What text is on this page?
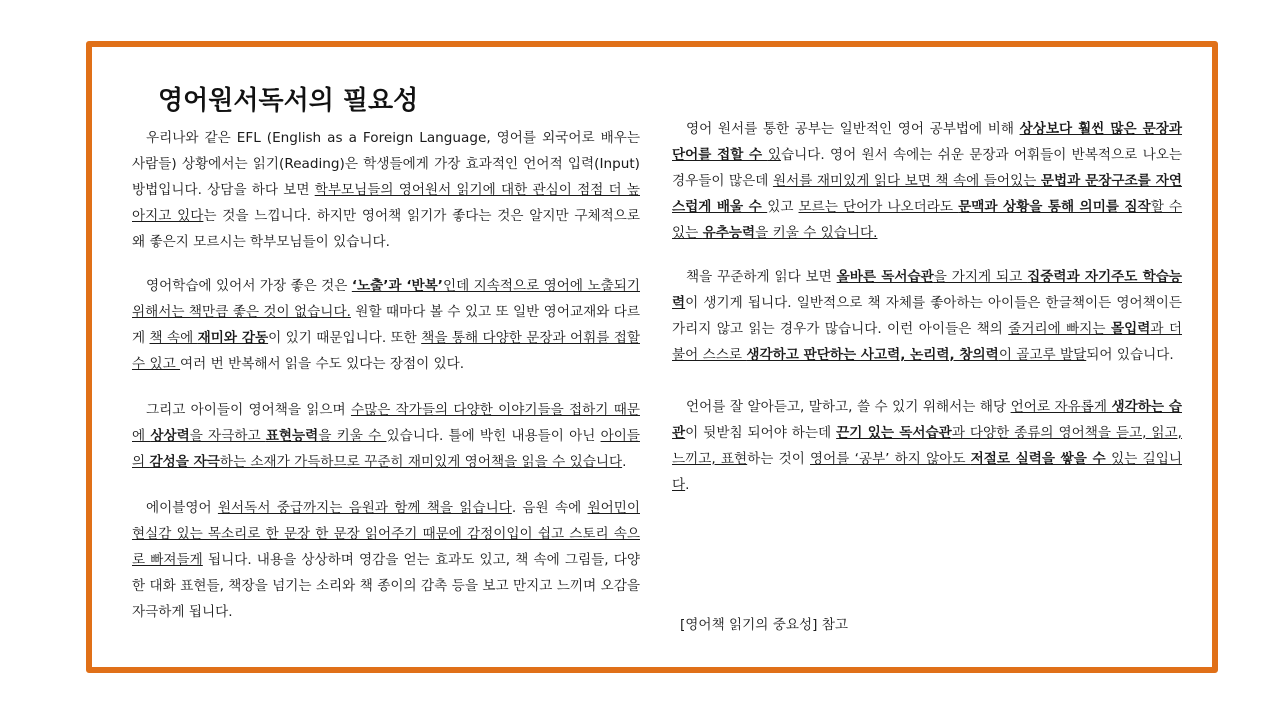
영어원서독서의 필요성

우리나와 같은 EFL (English as a Foreign Language, 영어를 외국어로 배우는 사람들) 상황에서는 읽기(Reading)은 학생들에게 가장 효과적인 언어적 입력(Input) 방법입니다. 상담을 하다 보면 학부모님들의 영어원서 읽기에 대한 관심이 점점 더 높아지고 있다는 것을 느낍니다. 하지만 영어책 읽기가 좋다는 것은 알지만 구체적으로 왜 좋은지 모르시는 학부모님들이 있습니다.

영어학습에 있어서 가장 좋은 것은 ‘노출’과 ‘반복’인데 지속적으로 영어에 노출되기 위해서는 책만큼 좋은 것이 없습니다. 원할 때마다 볼 수 있고 또 일반 영어교재와 다르게 책 속에 재미와 감동이 있기 때문입니다. 또한 책을 통해 다양한 문장과 어휘를 접할 수 있고 여러 번 반복해서 읽을 수도 있다는 장점이 있다.

그리고 아이들이 영어책을 읽으며 수많은 작가들의 다양한 이야기들을 접하기 때문에 상상력을 자극하고 표현능력을 키울 수 있습니다. 틀에 박힌 내용들이 아닌 아이들의 감성을 자극하는 소재가 가득하므로 꾸준히 재미있게 영어책을 읽을 수 있습니다.

에이블영어 원서독서 중급까지는 음원과 함께 책을 읽습니다. 음원 속에 원어민이 현실감 있는 목소리로 한 문장 한 문장 읽어주기 때문에 감정이입이 쉽고 스토리 속으로 빠져들게 됩니다. 내용을 상상하며 영감을 얻는 효과도 있고, 책 속에 그림들, 다양한 대화 표현들, 책장을 넘기는 소리와 책 종이의 감촉 등을 보고 만지고 느끼며 오감을 자극하게 됩니다.

영어 원서를 통한 공부는 일반적인 영어 공부법에 비해 상상보다 훨씬 많은 문장과 단어를 접할 수 있습니다. 영어 원서 속에는 쉬운 문장과 어휘들이 반복적으로 나오는 경우들이 많은데 원서를 재미있게 읽다 보면 책 속에 들어있는 문법과 문장구조를 자연스럽게 배울 수 있고 모르는 단어가 나오더라도 문맥과 상황을 통해 의미를 짐작할 수 있는 유추능력을 키울 수 있습니다.

책을 꾸준하게 읽다 보면 올바른 독서습관을 가지게 되고 집중력과 자기주도 학습능력이 생기게 됩니다. 일반적으로 책 자체를 좋아하는 아이들은 한글책이든 영어책이든 가리지 않고 읽는 경우가 많습니다. 이런 아이들은 책의 줄거리에 빠지는 몰입력과 더불어 스스로 생각하고 판단하는 사고력, 논리력, 창의력이 골고루 발달되어 있습니다.

언어를 잘 알아듣고, 말하고, 쓸 수 있기 위해서는 해당 언어로 자유롭게 생각하는 습관이 뒷받침 되어야 하는데 끈기 있는 독서습관과 다양한 종류의 영어책을 듣고, 읽고, 느끼고, 표현하는 것이 영어를 ‘공부’ 하지 않아도 저절로 실력을 쌓을 수 있는 길입니다.

[영어책 읽기의 중요성] 참고
